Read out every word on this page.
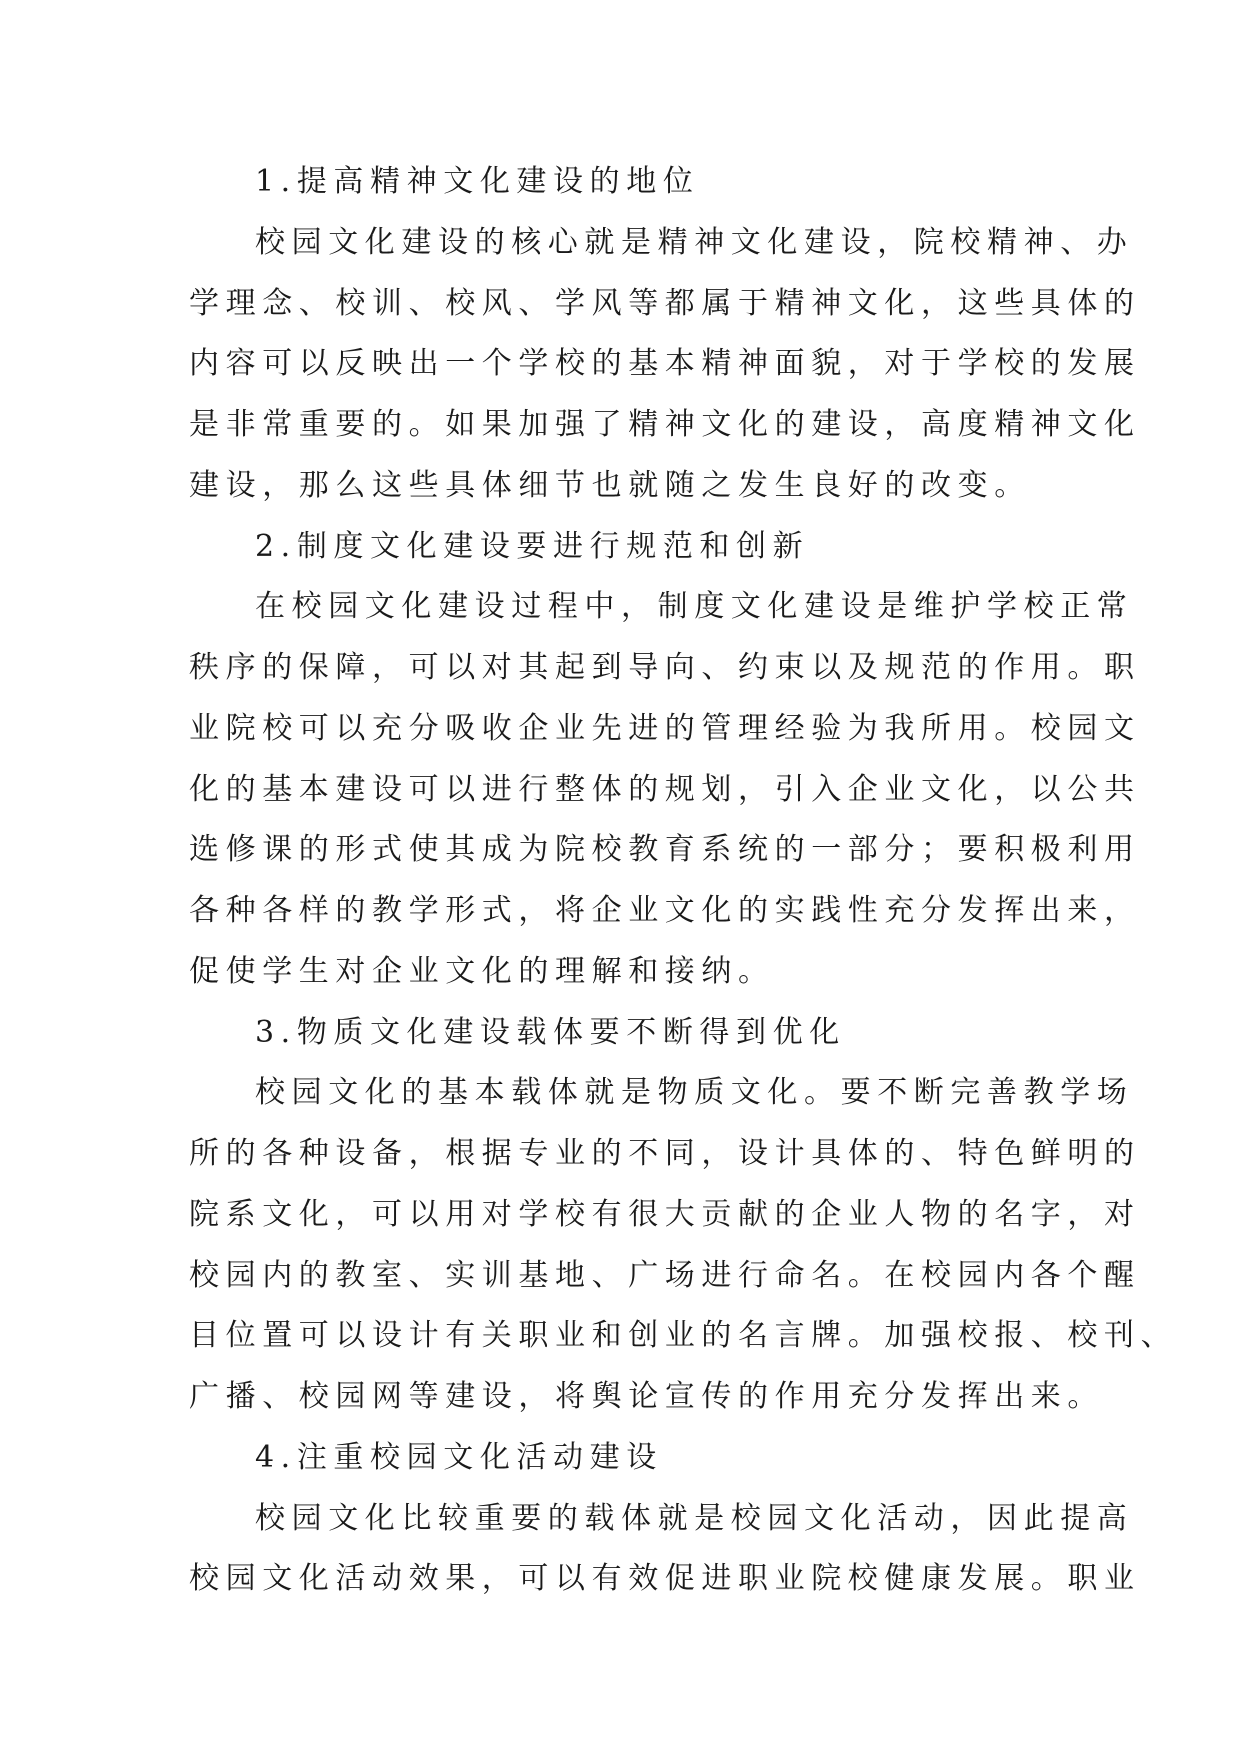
1.提高精神文化建设的地位
校园文化建设的核心就是精神文化建设，院校精神、办
学理念、校训、校风、学风等都属于精神文化，这些具体的
内容可以反映出一个学校的基本精神面貌，对于学校的发展
是非常重要的。如果加强了精神文化的建设，高度精神文化
建设，那么这些具体细节也就随之发生良好的改变。
2.制度文化建设要进行规范和创新
在校园文化建设过程中，制度文化建设是维护学校正常
秩序的保障，可以对其起到导向、约束以及规范的作用。职
业院校可以充分吸收企业先进的管理经验为我所用。校园文
化的基本建设可以进行整体的规划，引入企业文化，以公共
选修课的形式使其成为院校教育系统的一部分；要积极利用
各种各样的教学形式，将企业文化的实践性充分发挥出来，
促使学生对企业文化的理解和接纳。
3.物质文化建设载体要不断得到优化
校园文化的基本载体就是物质文化。要不断完善教学场
所的各种设备，根据专业的不同，设计具体的、特色鲜明的
院系文化，可以用对学校有很大贡献的企业人物的名字，对
校园内的教室、实训基地、广场进行命名。在校园内各个醒
目位置可以设计有关职业和创业的名言牌。加强校报、校刊、
广播、校园网等建设，将舆论宣传的作用充分发挥出来。
4.注重校园文化活动建设
校园文化比较重要的载体就是校园文化活动，因此提高
校园文化活动效果，可以有效促进职业院校健康发展。职业
